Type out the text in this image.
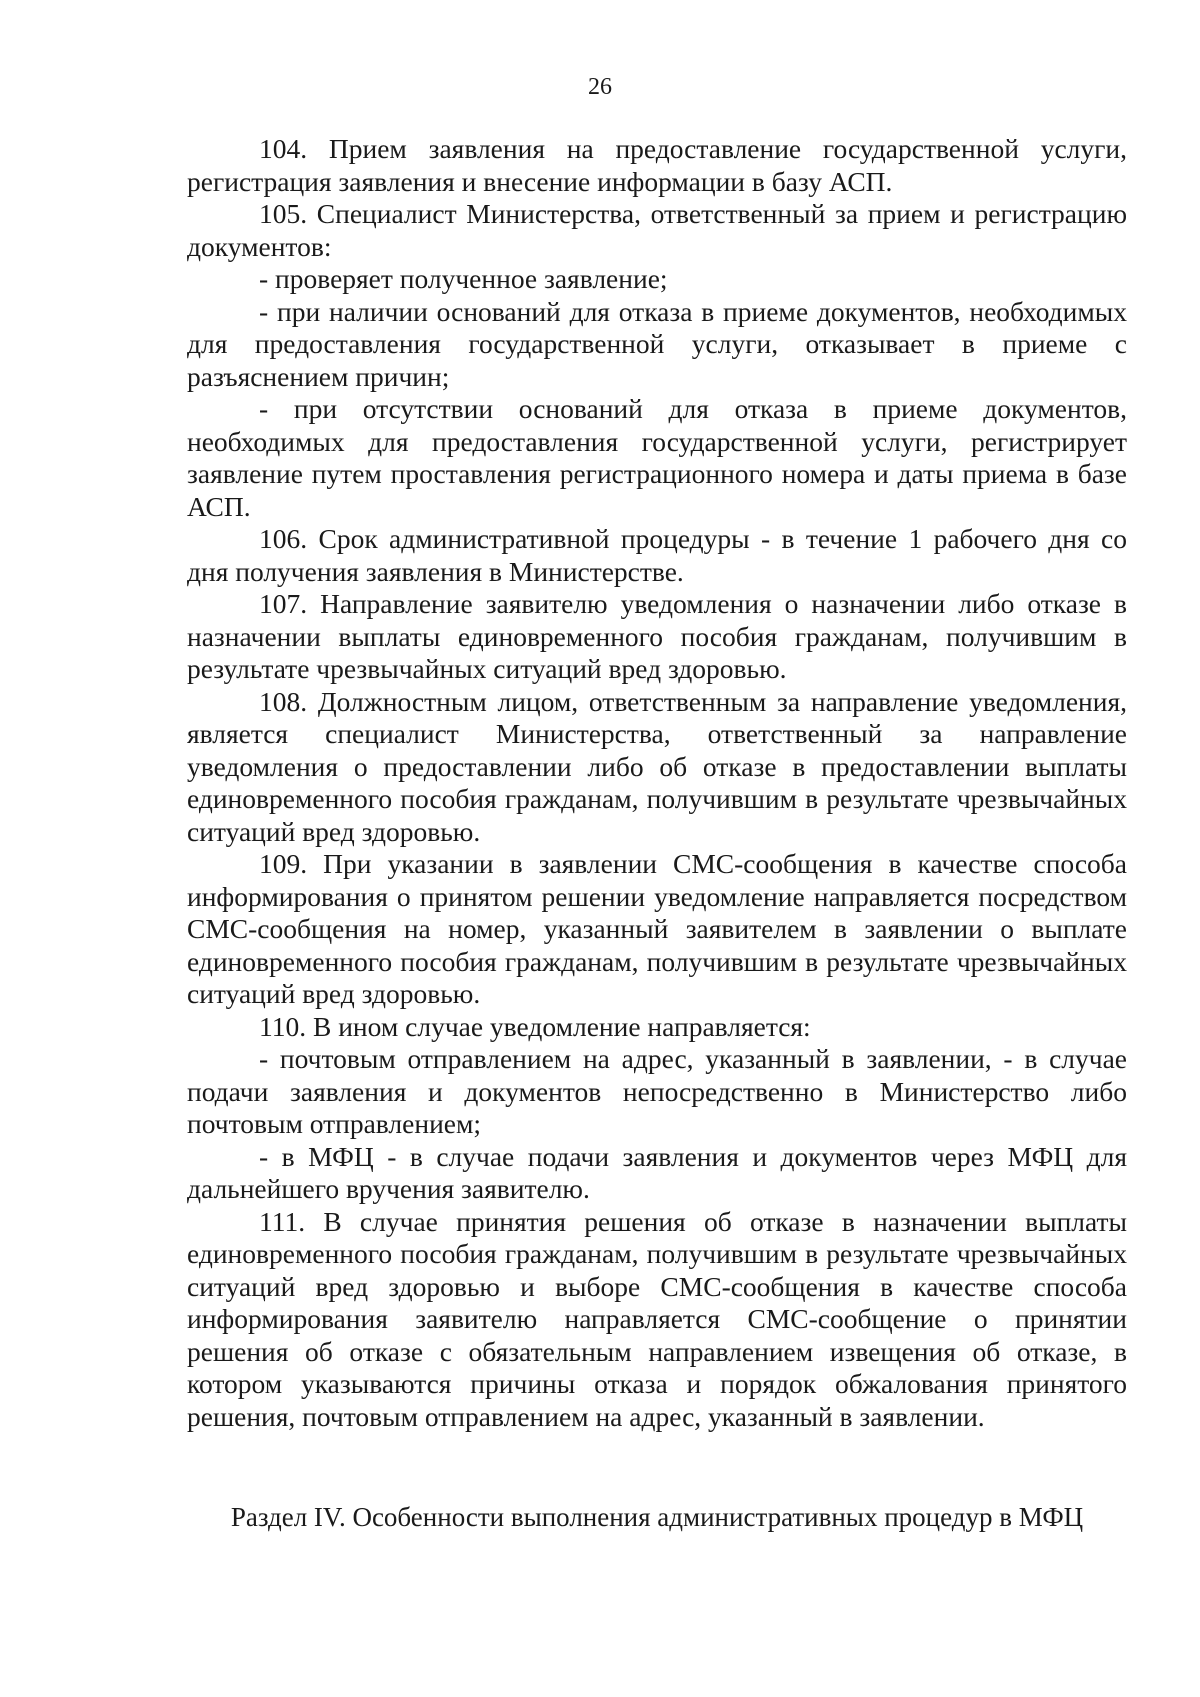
26

104. Прием заявления на предоставление государственной услуги, регистрация заявления и внесение информации в базу АСП.

105. Специалист Министерства, ответственный за прием и регистрацию документов:

- проверяет полученное заявление;

- при наличии оснований для отказа в приеме документов, необходимых для предоставления государственной услуги, отказывает в приеме с разъяснением причин;

- при отсутствии оснований для отказа в приеме документов, необходимых для предоставления государственной услуги, регистрирует заявление путем проставления регистрационного номера и даты приема в базе АСП.

106. Срок административной процедуры - в течение 1 рабочего дня со дня получения заявления в Министерстве.

107. Направление заявителю уведомления о назначении либо отказе в назначении выплаты единовременного пособия гражданам, получившим в результате чрезвычайных ситуаций вред здоровью.

108. Должностным лицом, ответственным за направление уведомления, является специалист Министерства, ответственный за направление уведомления о предоставлении либо об отказе в предоставлении выплаты единовременного пособия гражданам, получившим в результате чрезвычайных ситуаций вред здоровью.

109. При указании в заявлении СМС-сообщения в качестве способа информирования о принятом решении уведомление направляется посредством СМС-сообщения на номер, указанный заявителем в заявлении о выплате единовременного пособия гражданам, получившим в результате чрезвычайных ситуаций вред здоровью.

110. В ином случае уведомление направляется:

- почтовым отправлением на адрес, указанный в заявлении, - в случае подачи заявления и документов непосредственно в Министерство либо почтовым отправлением;

- в МФЦ - в случае подачи заявления и документов через МФЦ для дальнейшего вручения заявителю.

111. В случае принятия решения об отказе в назначении выплаты единовременного пособия гражданам, получившим в результате чрезвычайных ситуаций вред здоровью и выборе СМС-сообщения в качестве способа информирования заявителю направляется СМС-сообщение о принятии решения об отказе с обязательным направлением извещения об отказе, в котором указываются причины отказа и порядок обжалования принятого решения, почтовым отправлением на адрес, указанный в заявлении.

Раздел IV. Особенности выполнения административных процедур в МФЦ
